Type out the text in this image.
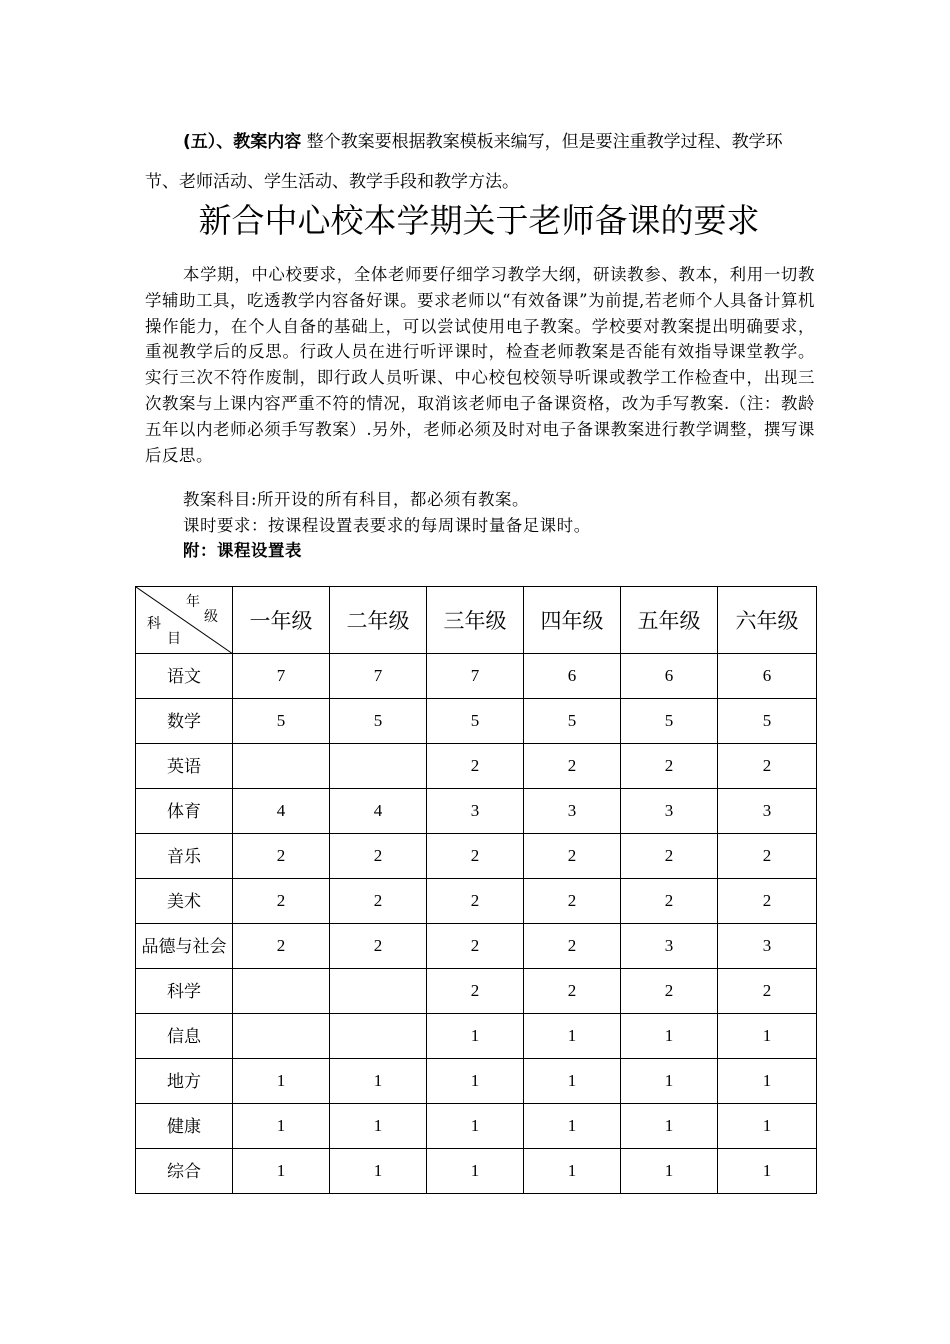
(五）、教案内容 整个教案要根据教案模板来编写，但是要注重教学过程、教学环节、老师活动、学生活动、教学手段和教学方法。
新合中心校本学期关于老师备课的要求
本学期，中心校要求，全体老师要仔细学习教学大纲，研读教参、教本，利用一切教学辅助工具，吃透教学内容备好课。要求老师以“有效备课”为前提,若老师个人具备计算机操作能力，在个人自备的基础上，可以尝试使用电子教案。学校要对教案提出明确要求，重视教学后的反思。行政人员在进行听评课时，检查老师教案是否能有效指导课堂教学。 实行三次不符作废制，即行政人员听课、中心校包校领导听课或教学工作检查中，出现三次教案与上课内容严重不符的情况，取消该老师电子备课资格，改为手写教案.（注：教龄五年以内老师必须手写教案）.另外，老师必须及时对电子备课教案进行教学调整，撰写课后反思。
教案科目:所开设的所有科目，都必须有教案。
课时要求：按课程设置表要求的每周课时量备足课时。
附：课程设置表
年
级
科
目	一年级	二年级	三年级	四年级	五年级	六年级
语文	7	7	7	6	6	6
数学	5	5	5	5	5	5
英语			2	2	2	2
体育	4	4	3	3	3	3
音乐	2	2	2	2	2	2
美术	2	2	2	2	2	2
品德与社会	2	2	2	2	3	3
科学			2	2	2	2
信息			1	1	1	1
地方	1	1	1	1	1	1
健康	1	1	1	1	1	1
综合	1	1	1	1	1	1
